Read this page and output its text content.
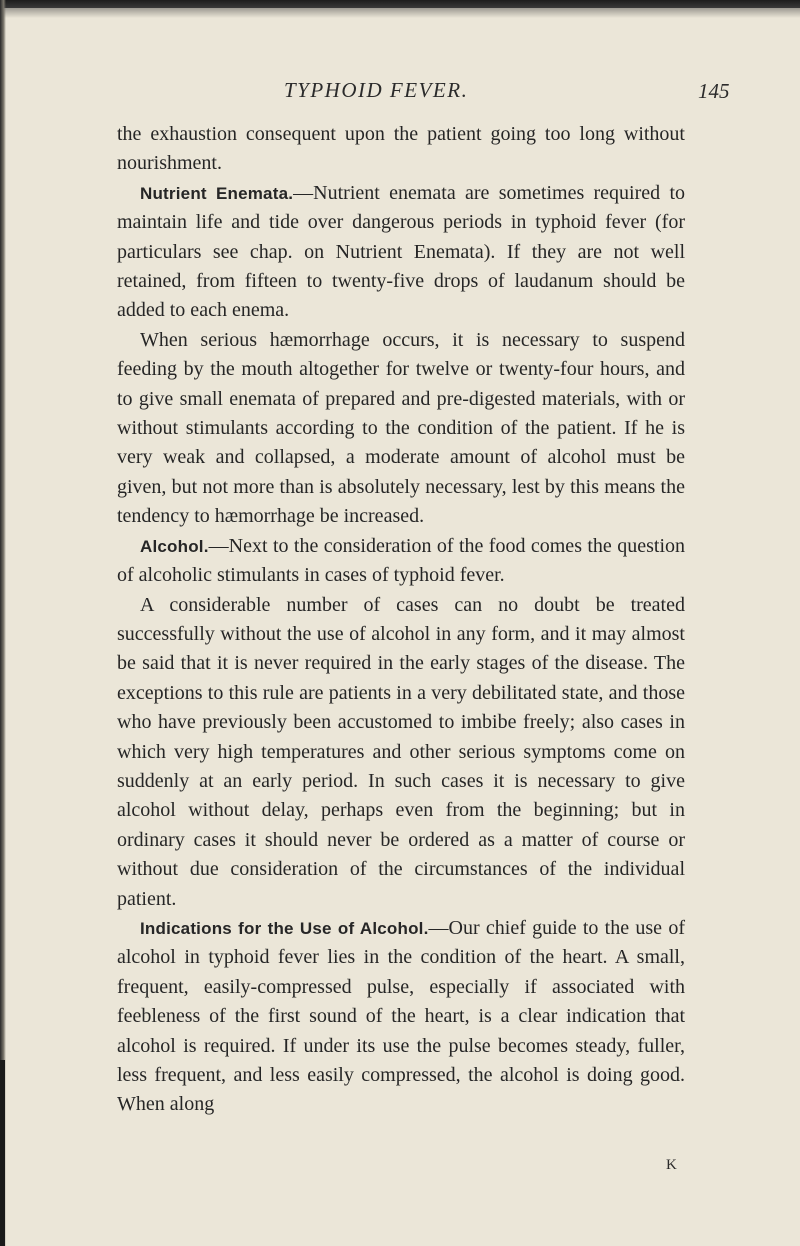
TYPHOID FEVER.	145

the exhaustion consequent upon the patient going too long without nourishment.

Nutrient Enemata.—Nutrient enemata are sometimes required to maintain life and tide over dangerous periods in typhoid fever (for particulars see chap. on Nutrient Enemata). If they are not well retained, from fifteen to twenty-five drops of laudanum should be added to each enema.

When serious hæmorrhage occurs, it is necessary to suspend feeding by the mouth altogether for twelve or twenty-four hours, and to give small enemata of prepared and pre-digested materials, with or without stimulants according to the condition of the patient. If he is very weak and collapsed, a moderate amount of alcohol must be given, but not more than is absolutely necessary, lest by this means the tendency to hæmorrhage be increased.

Alcohol.—Next to the consideration of the food comes the question of alcoholic stimulants in cases of typhoid fever.

A considerable number of cases can no doubt be treated successfully without the use of alcohol in any form, and it may almost be said that it is never required in the early stages of the disease. The exceptions to this rule are patients in a very debilitated state, and those who have previously been accustomed to imbibe freely; also cases in which very high temperatures and other serious symptoms come on suddenly at an early period. In such cases it is necessary to give alcohol without delay, perhaps even from the beginning; but in ordinary cases it should never be ordered as a matter of course or without due consideration of the circumstances of the individual patient.

Indications for the Use of Alcohol.—Our chief guide to the use of alcohol in typhoid fever lies in the condition of the heart. A small, frequent, easily-compressed pulse, especially if associated with feebleness of the first sound of the heart, is a clear indication that alcohol is required. If under its use the pulse becomes steady, fuller, less frequent, and less easily compressed, the alcohol is doing good. When along

K
